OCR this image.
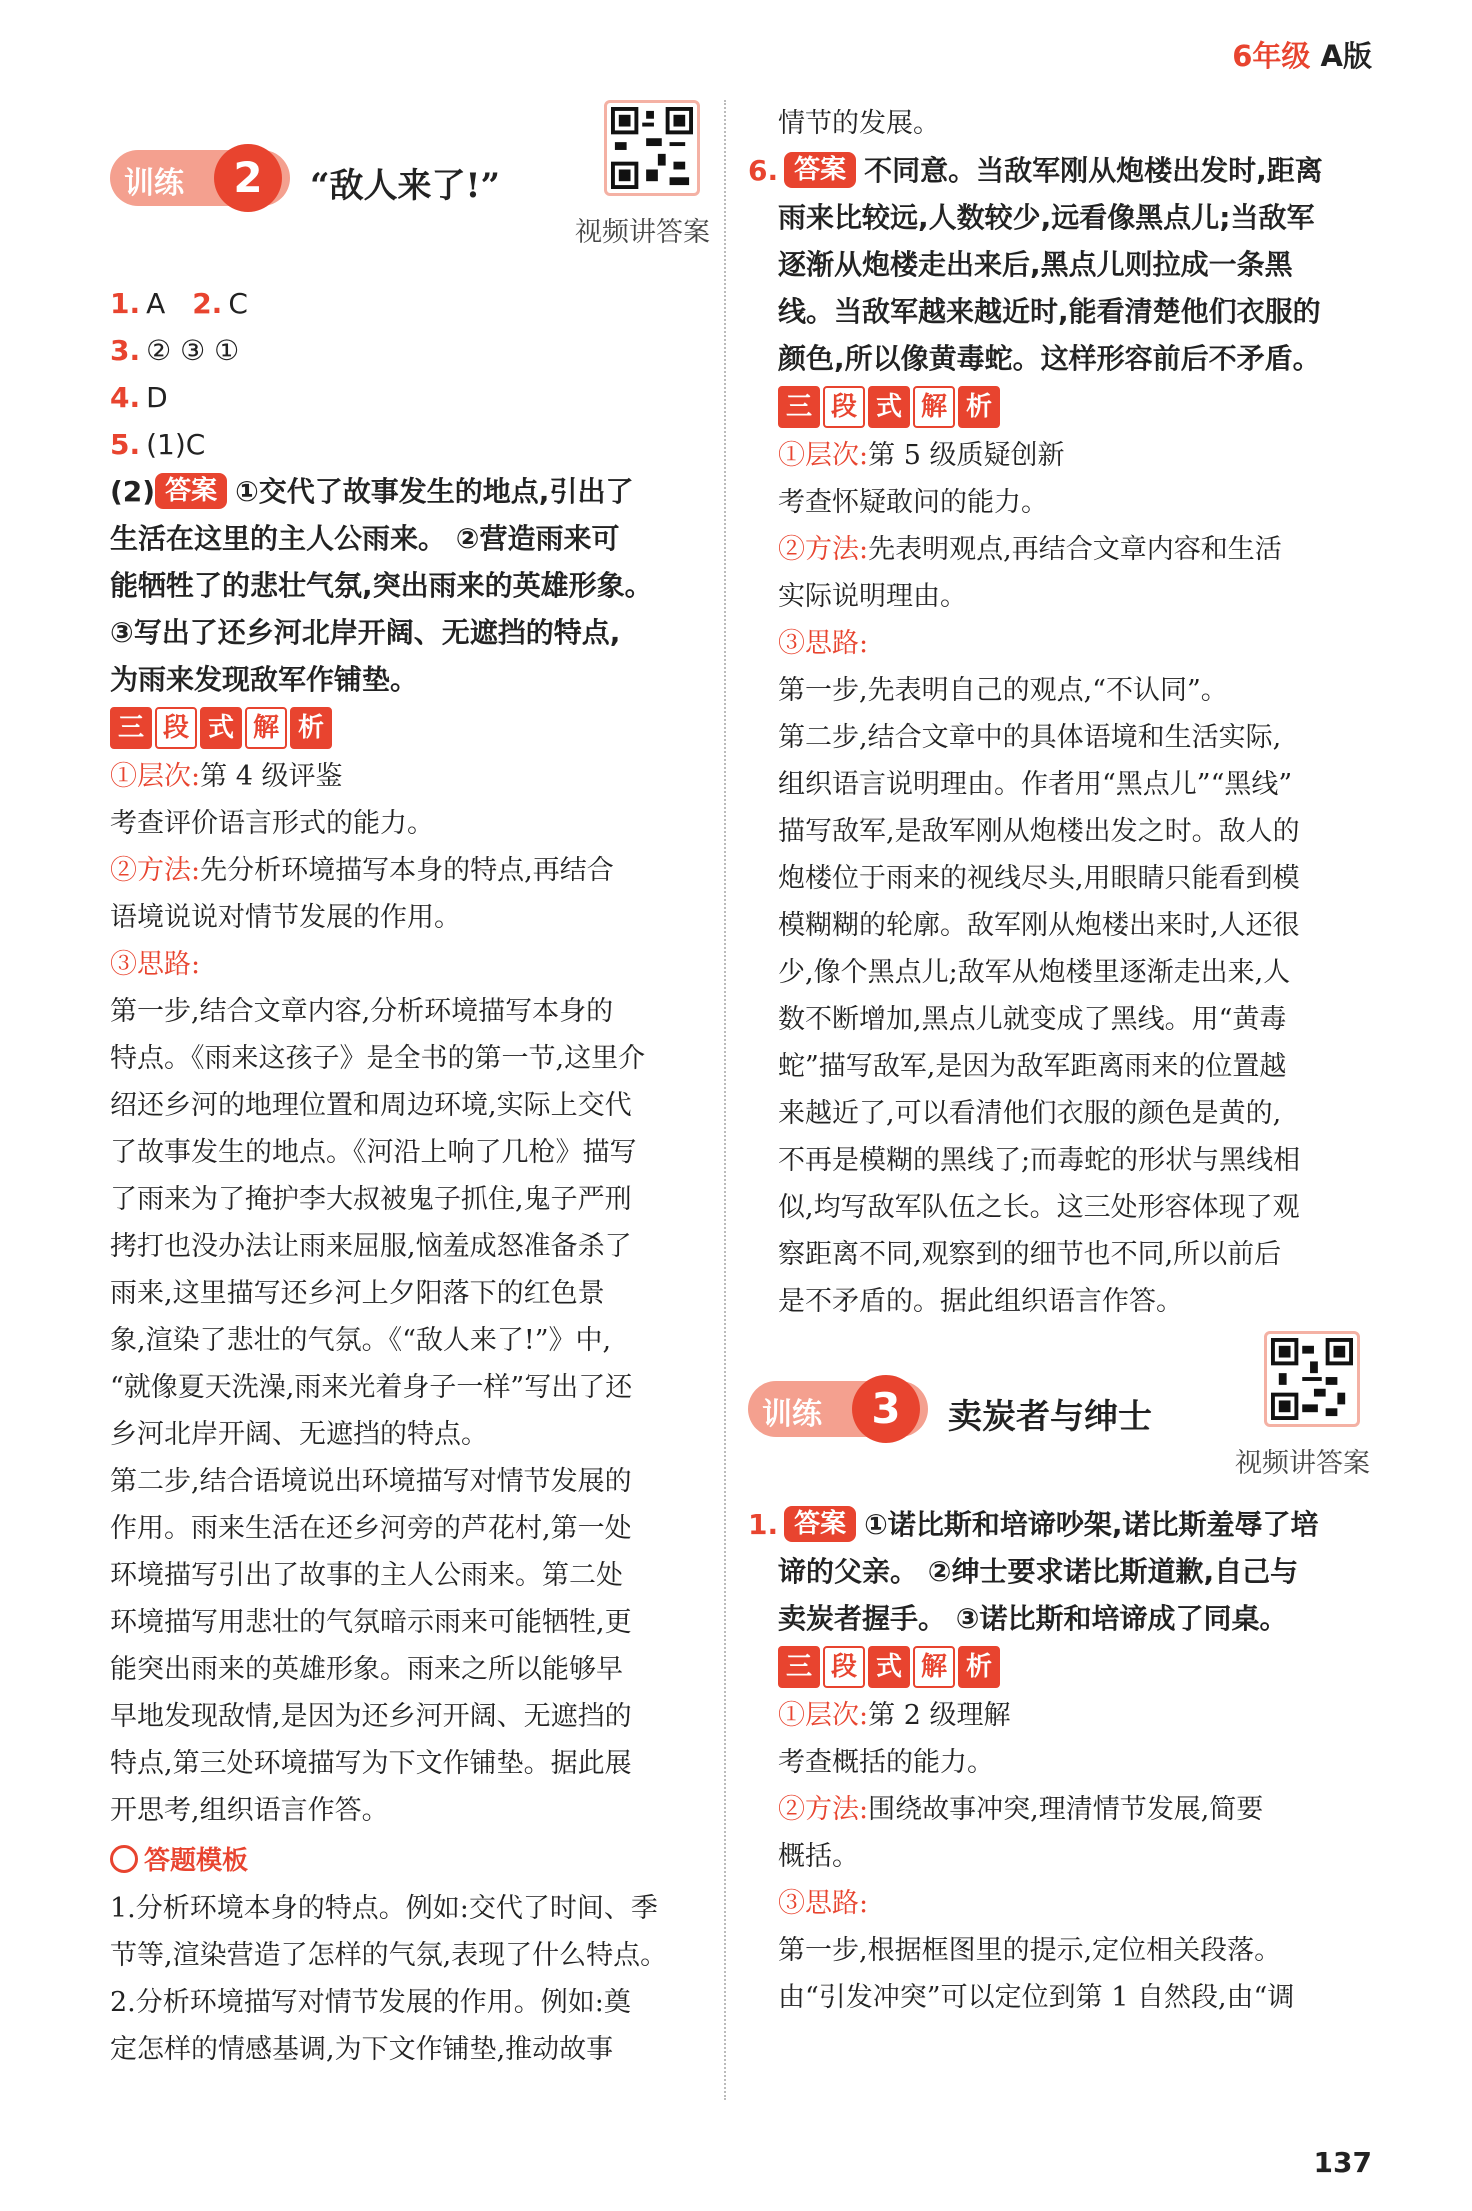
6年级 A版
训练	2	“敌人来了!”
视频讲答案
1. A 2. C
3. ② ③ ①
4. D
5. (1)C
(2) 答案 ①交代了故事发生的地点,引出了
生活在这里的主人公雨来。 ②营造雨来可
能牺牲了的悲壮气氛,突出雨来的英雄形象。
③写出了还乡河北岸开阔、无遮挡的特点,
为雨来发现敌军作铺垫。
三 段 式 解 析
①层次:第 4 级评鉴
考查评价语言形式的能力。
②方法:先分析环境描写本身的特点,再结合
语境说说对情节发展的作用。
③思路:
第一步,结合文章内容,分析环境描写本身的
特点。《雨来这孩子》是全书的第一节,这里介
绍还乡河的地理位置和周边环境,实际上交代
了故事发生的地点。《河沿上响了几枪》描写
了雨来为了掩护李大叔被鬼子抓住,鬼子严刑
拷打也没办法让雨来屈服,恼羞成怒准备杀了
雨来,这里描写还乡河上夕阳落下的红色景
象,渲染了悲壮的气氛。《“敌人来了!”》中,
“就像夏天洗澡,雨来光着身子一样”写出了还
乡河北岸开阔、无遮挡的特点。
第二步,结合语境说出环境描写对情节发展的
作用。雨来生活在还乡河旁的芦花村,第一处
环境描写引出了故事的主人公雨来。第二处
环境描写用悲壮的气氛暗示雨来可能牺牲,更
能突出雨来的英雄形象。雨来之所以能够早
早地发现敌情,是因为还乡河开阔、无遮挡的
特点,第三处环境描写为下文作铺垫。据此展
开思考,组织语言作答。
答题模板
1.分析环境本身的特点。例如:交代了时间、季
节等,渲染营造了怎样的气氛,表现了什么特点。
2.分析环境描写对情节发展的作用。例如:奠
定怎样的情感基调,为下文作铺垫,推动故事
情节的发展。
6. 答案 不同意。当敌军刚从炮楼出发时,距离
雨来比较远,人数较少,远看像黑点儿;当敌军
逐渐从炮楼走出来后,黑点儿则拉成一条黑
线。当敌军越来越近时,能看清楚他们衣服的
颜色,所以像黄毒蛇。这样形容前后不矛盾。
三 段 式 解 析
①层次:第 5 级质疑创新
考查怀疑敢问的能力。
②方法:先表明观点,再结合文章内容和生活
实际说明理由。
③思路:
第一步,先表明自己的观点,“不认同”。
第二步,结合文章中的具体语境和生活实际,
组织语言说明理由。作者用“黑点儿”“黑线”
描写敌军,是敌军刚从炮楼出发之时。敌人的
炮楼位于雨来的视线尽头,用眼睛只能看到模
模糊糊的轮廓。敌军刚从炮楼出来时,人还很
少,像个黑点儿;敌军从炮楼里逐渐走出来,人
数不断增加,黑点儿就变成了黑线。用“黄毒
蛇”描写敌军,是因为敌军距离雨来的位置越
来越近了,可以看清他们衣服的颜色是黄的,
不再是模糊的黑线了;而毒蛇的形状与黑线相
似,均写敌军队伍之长。这三处形容体现了观
察距离不同,观察到的细节也不同,所以前后
是不矛盾的。据此组织语言作答。
训练	3	卖炭者与绅士
视频讲答案
1. 答案 ①诺比斯和培谛吵架,诺比斯羞辱了培
谛的父亲。 ②绅士要求诺比斯道歉,自己与
卖炭者握手。 ③诺比斯和培谛成了同桌。
三 段 式 解 析
①层次:第 2 级理解
考查概括的能力。
②方法:围绕故事冲突,理清情节发展,简要
概括。
③思路:
第一步,根据框图里的提示,定位相关段落。
由“引发冲突”可以定位到第 1 自然段,由“调
137
